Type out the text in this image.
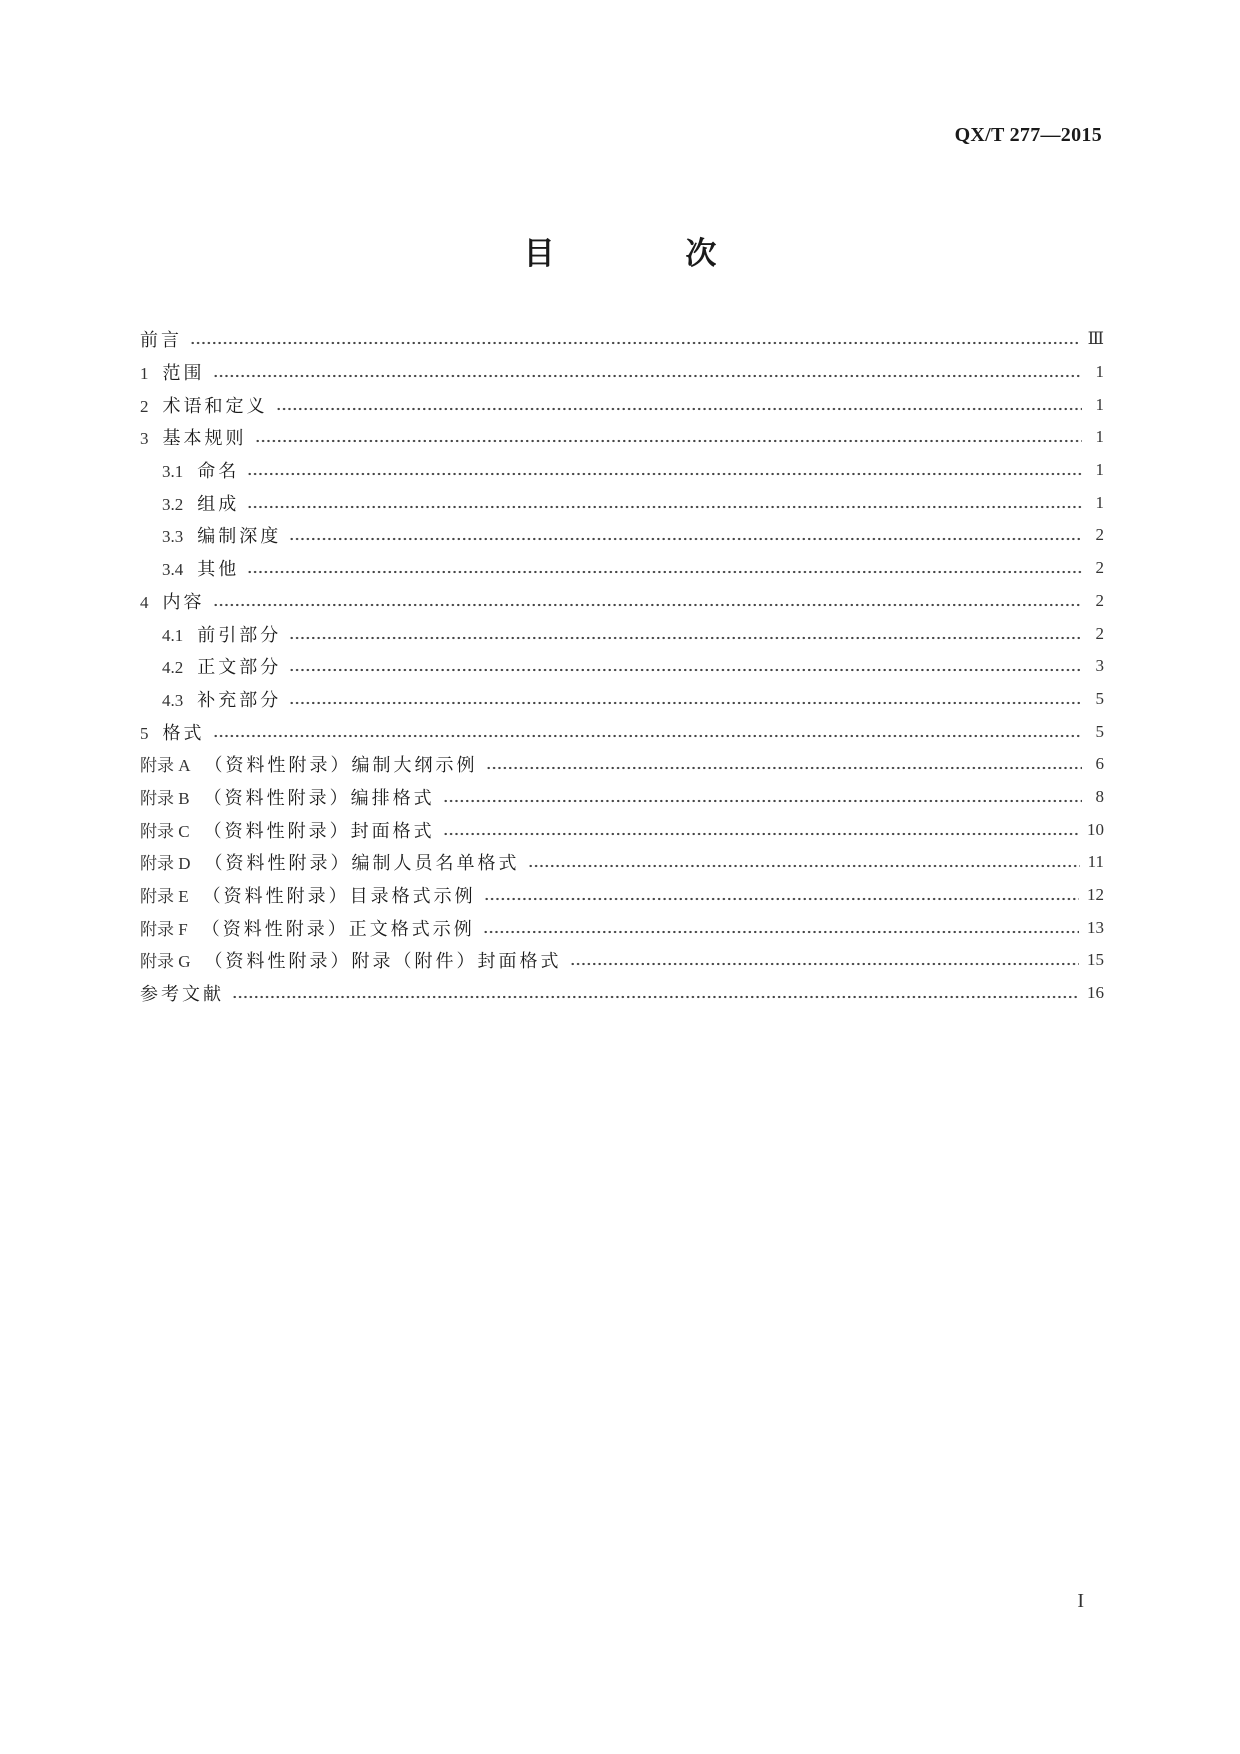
QX/T 277—2015
目 次
前言	Ⅲ
1 范围	1
2 术语和定义	1
3 基本规则	1
3.1 命名	1
3.2 组成	1
3.3 编制深度	2
3.4 其他	2
4 内容	2
4.1 前引部分	2
4.2 正文部分	3
4.3 补充部分	5
5 格式	5
附录 A （资料性附录）编制大纲示例	6
附录 B （资料性附录）编排格式	8
附录 C （资料性附录）封面格式	10
附录 D （资料性附录）编制人员名单格式	11
附录 E （资料性附录）目录格式示例	12
附录 F （资料性附录）正文格式示例	13
附录 G （资料性附录）附录（附件）封面格式	15
参考文献	16
I
